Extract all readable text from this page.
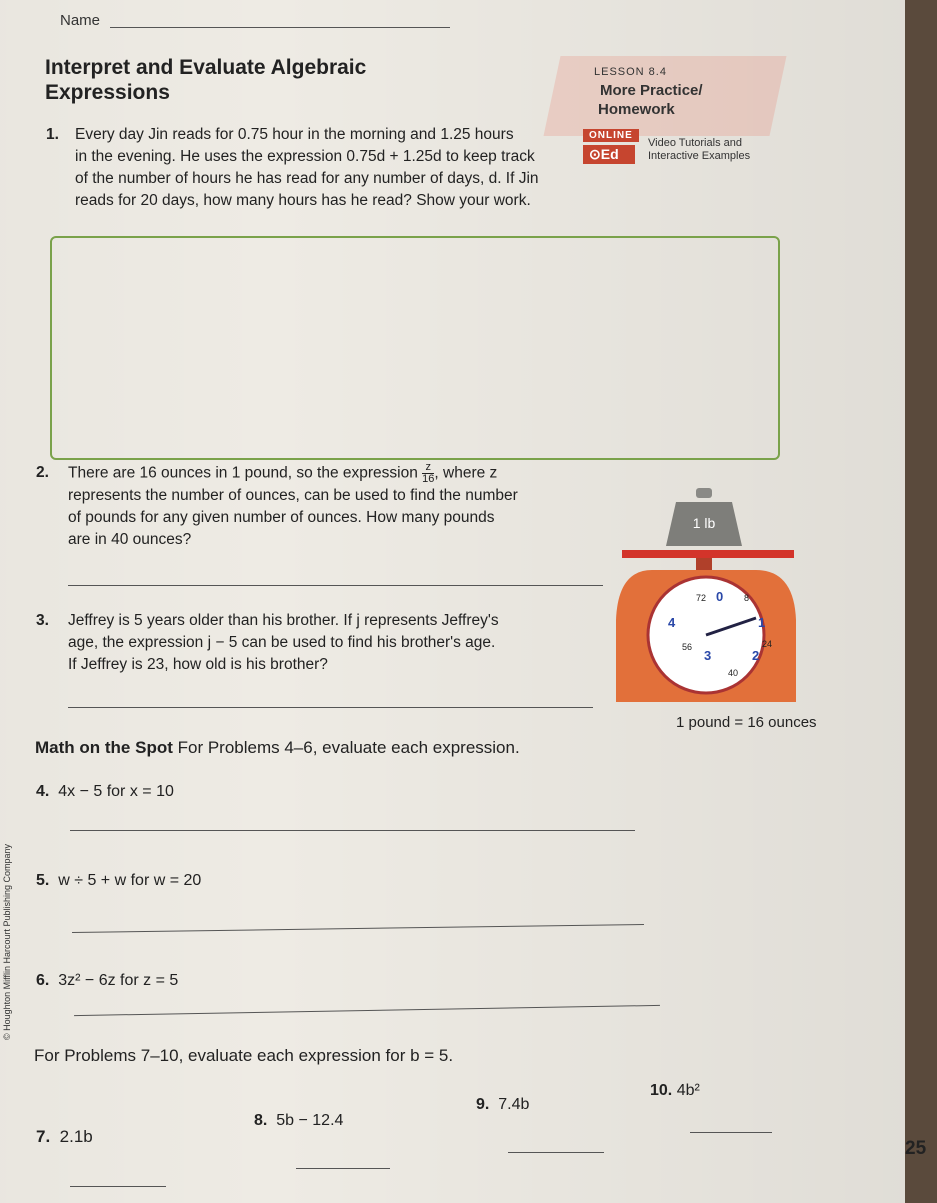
Name
Interpret and Evaluate Algebraic Expressions
LESSON 8.4
More Practice/
Homework
ONLINE
⊙Ed
Video Tutorials and
Interactive Examples
1. Every day Jin reads for 0.75 hour in the morning and 1.25 hours
in the evening. He uses the expression 0.75d + 1.25d to keep track
of the number of hours he has read for any number of days, d. If Jin
reads for 20 days, how many hours has he read? Show your work.
2. There are 16 ounces in 1 pound, so the expression $\frac{z}{16}$ , where z
represents the number of ounces, can be used to find the number
of pounds for any given number of ounces. How many pounds
are in 40 ounces?
1 lb
72 0 8
4	1
56	24
3	2
40
1 pound = 16 ounces
3. Jeffrey is 5 years older than his brother. If j represents Jeffrey's
age, the expression j − 5 can be used to find his brother's age.
If Jeffrey is 23, how old is his brother?
Math on the Spot For Problems 4–6, evaluate each expression.
4. 4x − 5 for x = 10
5. w ÷ 5 + w for w = 20
6. 3z² − 6z for z = 5
For Problems 7–10, evaluate each expression for b = 5.
7. 2.1b
8. 5b − 12.4
9. 7.4b
10. 4b²
© Houghton Mifflin Harcourt Publishing Company
25
